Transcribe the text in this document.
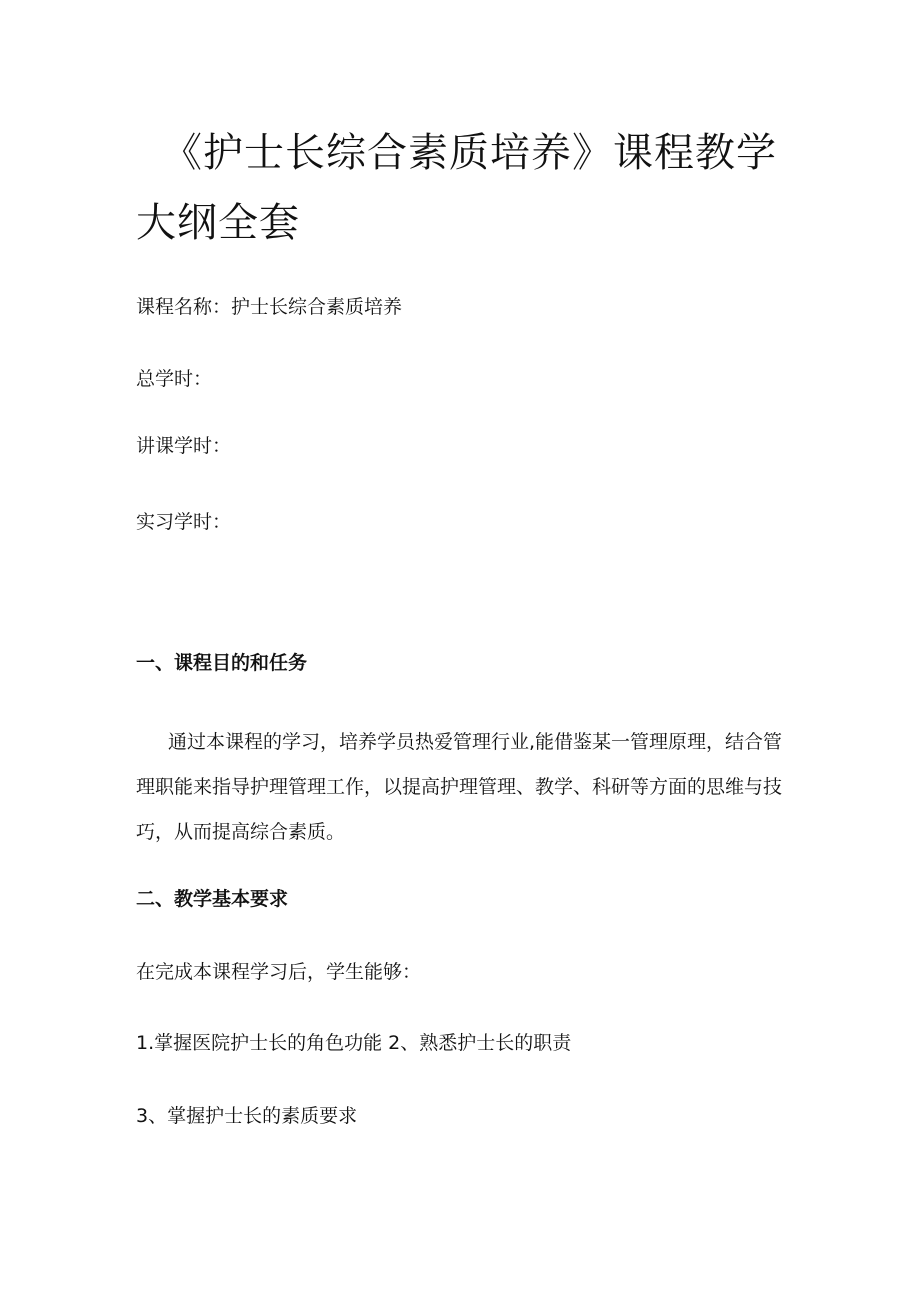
《护士长综合素质培养》课程教学大纲全套

课程名称：护士长综合素质培养

总学时：

讲课学时：

实习学时：

一、课程目的和任务

通过本课程的学习，培养学员热爱管理行业,能借鉴某一管理原理，结合管理职能来指导护理管理工作，以提高护理管理、教学、科研等方面的思维与技巧，从而提高综合素质。

二、教学基本要求

在完成本课程学习后，学生能够：

1.掌握医院护士长的角色功能 2、熟悉护士长的职责

3、掌握护士长的素质要求
